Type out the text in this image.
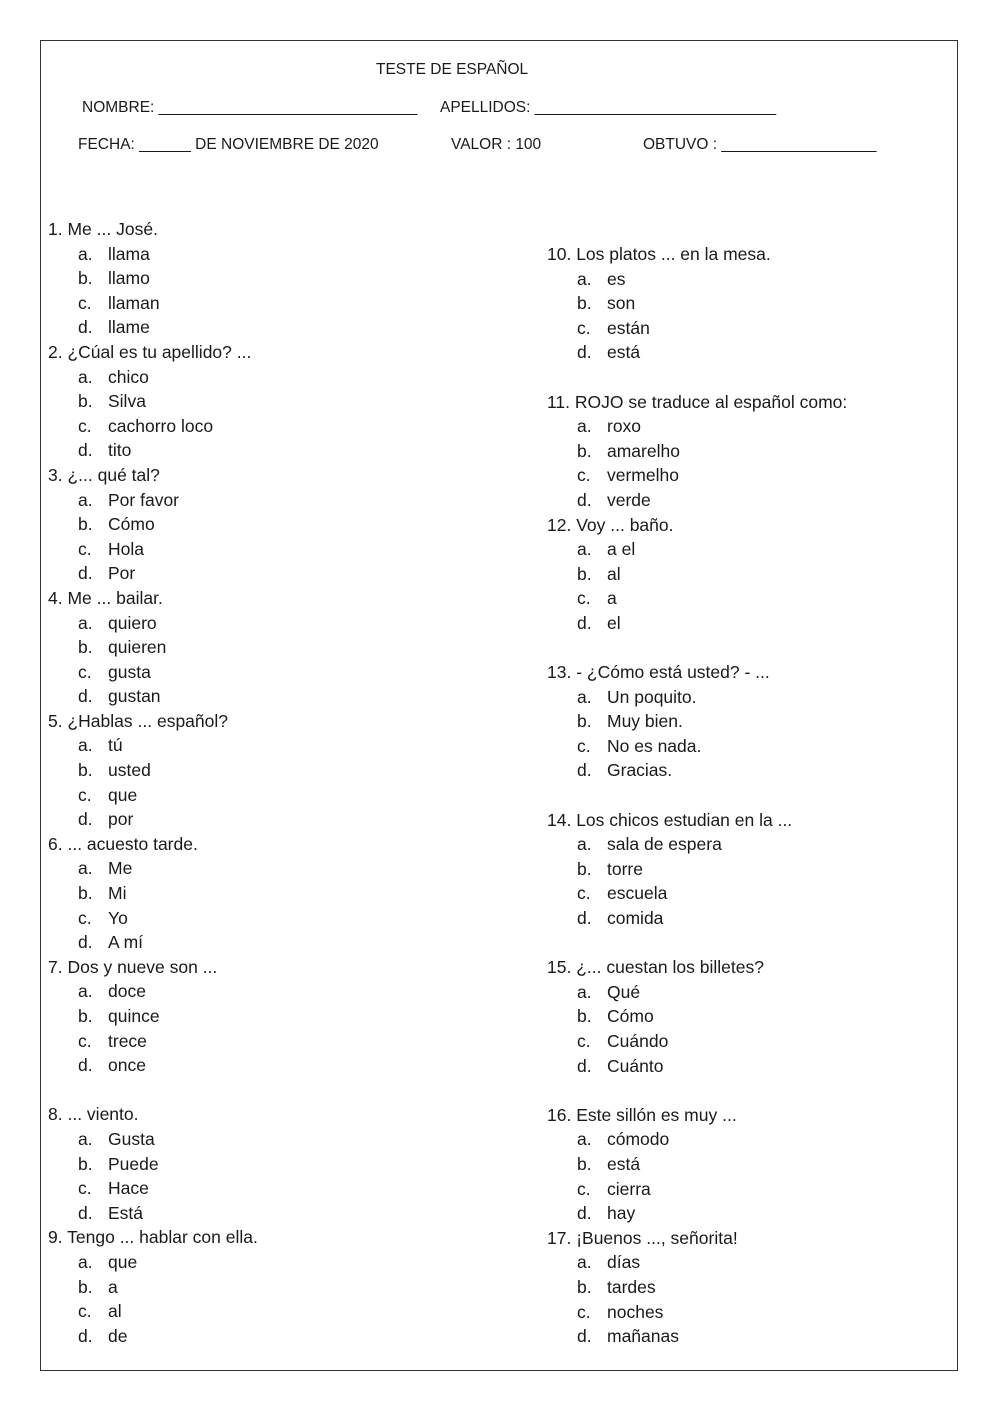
TESTE DE ESPAÑOL
NOMBRE: ______________________________ APELLIDOS: ____________________________
FECHA: ______ DE NOVIEMBRE DE 2020	VALOR : 100	OBTUVO : __________________
1. Me ... José.
a. llama
b. llamo
c. llaman
d. llame
2. ¿Cúal es tu apellido? ...
a. chico
b. Silva
c. cachorro loco
d. tito
3. ¿... qué tal?
a. Por favor
b. Cómo
c. Hola
d. Por
4. Me ... bailar.
a. quiero
b. quieren
c. gusta
d. gustan
5. ¿Hablas ... español?
a. tú
b. usted
c. que
d. por
6. ... acuesto tarde.
a. Me
b. Mi
c. Yo
d. A mí
7. Dos y nueve son ...
a. doce
b. quince
c. trece
d. once
8. ... viento.
a. Gusta
b. Puede
c. Hace
d. Está
9. Tengo ... hablar con ella.
a. que
b. a
c. al
d. de
10. Los platos ... en la mesa.
a. es
b. son
c. están
d. está
11. ROJO se traduce al español como:
a. roxo
b. amarelho
c. vermelho
d. verde
12. Voy ... baño.
a. a el
b. al
c. a
d. el
13. - ¿Cómo está usted? - ...
a. Un poquito.
b. Muy bien.
c. No es nada.
d. Gracias.
14. Los chicos estudian en la ...
a. sala de espera
b. torre
c. escuela
d. comida
15. ¿... cuestan los billetes?
a. Qué
b. Cómo
c. Cuándo
d. Cuánto
16. Este sillón es muy ...
a. cómodo
b. está
c. cierra
d. hay
17. ¡Buenos ..., señorita!
a. días
b. tardes
c. noches
d. mañanas
